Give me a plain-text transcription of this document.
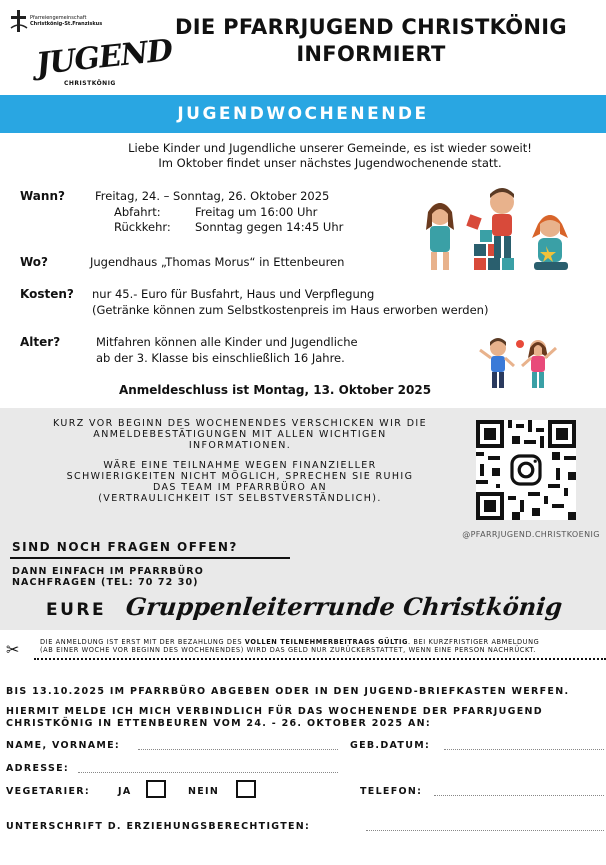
Pfarreiengemeinschaft
Christkönig-St.Franziskus
JUGEND
CHRISTKÖNIG
DIE PFARRJUGEND CHRISTKÖNIG
INFORMIERT
JUGENDWOCHENENDE
Liebe Kinder und Jugendliche unserer Gemeinde, es ist wieder soweit!
Im Oktober findet unser nächstes Jugendwochenende statt.
Wann?	Freitag, 24. – Sonntag, 26. Oktober 2025
Abfahrt:	Freitag um 16:00 Uhr
Rückkehr: Sonntag gegen 14:45 Uhr
Wo?	Jugendhaus „Thomas Morus“ in Ettenbeuren
Kosten? nur 45.- Euro für Busfahrt, Haus und Verpflegung
(Getränke können zum Selbstkostenpreis im Haus erworben werden)
Alter?	Mitfahren können alle Kinder und Jugendliche
ab der 3. Klasse bis einschließlich 16 Jahre.
Anmeldeschluss ist Montag, 13. Oktober 2025
KURZ VOR BEGINN DES WOCHENENDES VERSCHICKEN WIR DIE
ANMELDEBESTÄTIGUNGEN MIT ALLEN WICHTIGEN
INFORMATIONEN.
WÄRE EINE TEILNAHME WEGEN FINANZIELLER
SCHWIERIGKEITEN NICHT MÖGLICH, SPRECHEN SIE RUHIG
DAS TEAM IM PFARRBÜRO AN
(VERTRAULICHKEIT IST SELBSTVERSTÄNDLICH).
@PFARRJUGEND.CHRISTKOENIG
SIND NOCH FRAGEN OFFEN?
DANN EINFACH IM PFARRBÜRO
NACHFRAGEN (TEL: 70 72 30)
EURE Gruppenleiterrunde Christkönig
✂	DIE ANMELDUNG IST ERST MIT DER BEZAHLUNG DES VOLLEN TEILNEHMERBEITRAGS GÜLTIG. BEI KURZFRISTIGER ABMELDUNG
(AB EINER WOCHE VOR BEGINN DES WOCHENENDES) WIRD DAS GELD NUR ZURÜCKERSTATTET, WENN EINE PERSON NACHRÜCKT.
BIS 13.10.2025 IM PFARRBÜRO ABGEBEN ODER IN DEN JUGEND-BRIEFKASTEN WERFEN.
HIERMIT MELDE ICH MICH VERBINDLICH FÜR DAS WOCHENENDE DER PFARRJUGEND
CHRISTKÖNIG IN ETTENBEUREN VOM 24. - 26. OKTOBER 2025 AN:
NAME, VORNAME:	GEB.DATUM:
ADRESSE:
VEGETARIER:	JA	NEIN	TELEFON:
UNTERSCHRIFT D. ERZIEHUNGSBERECHTIGTEN:
